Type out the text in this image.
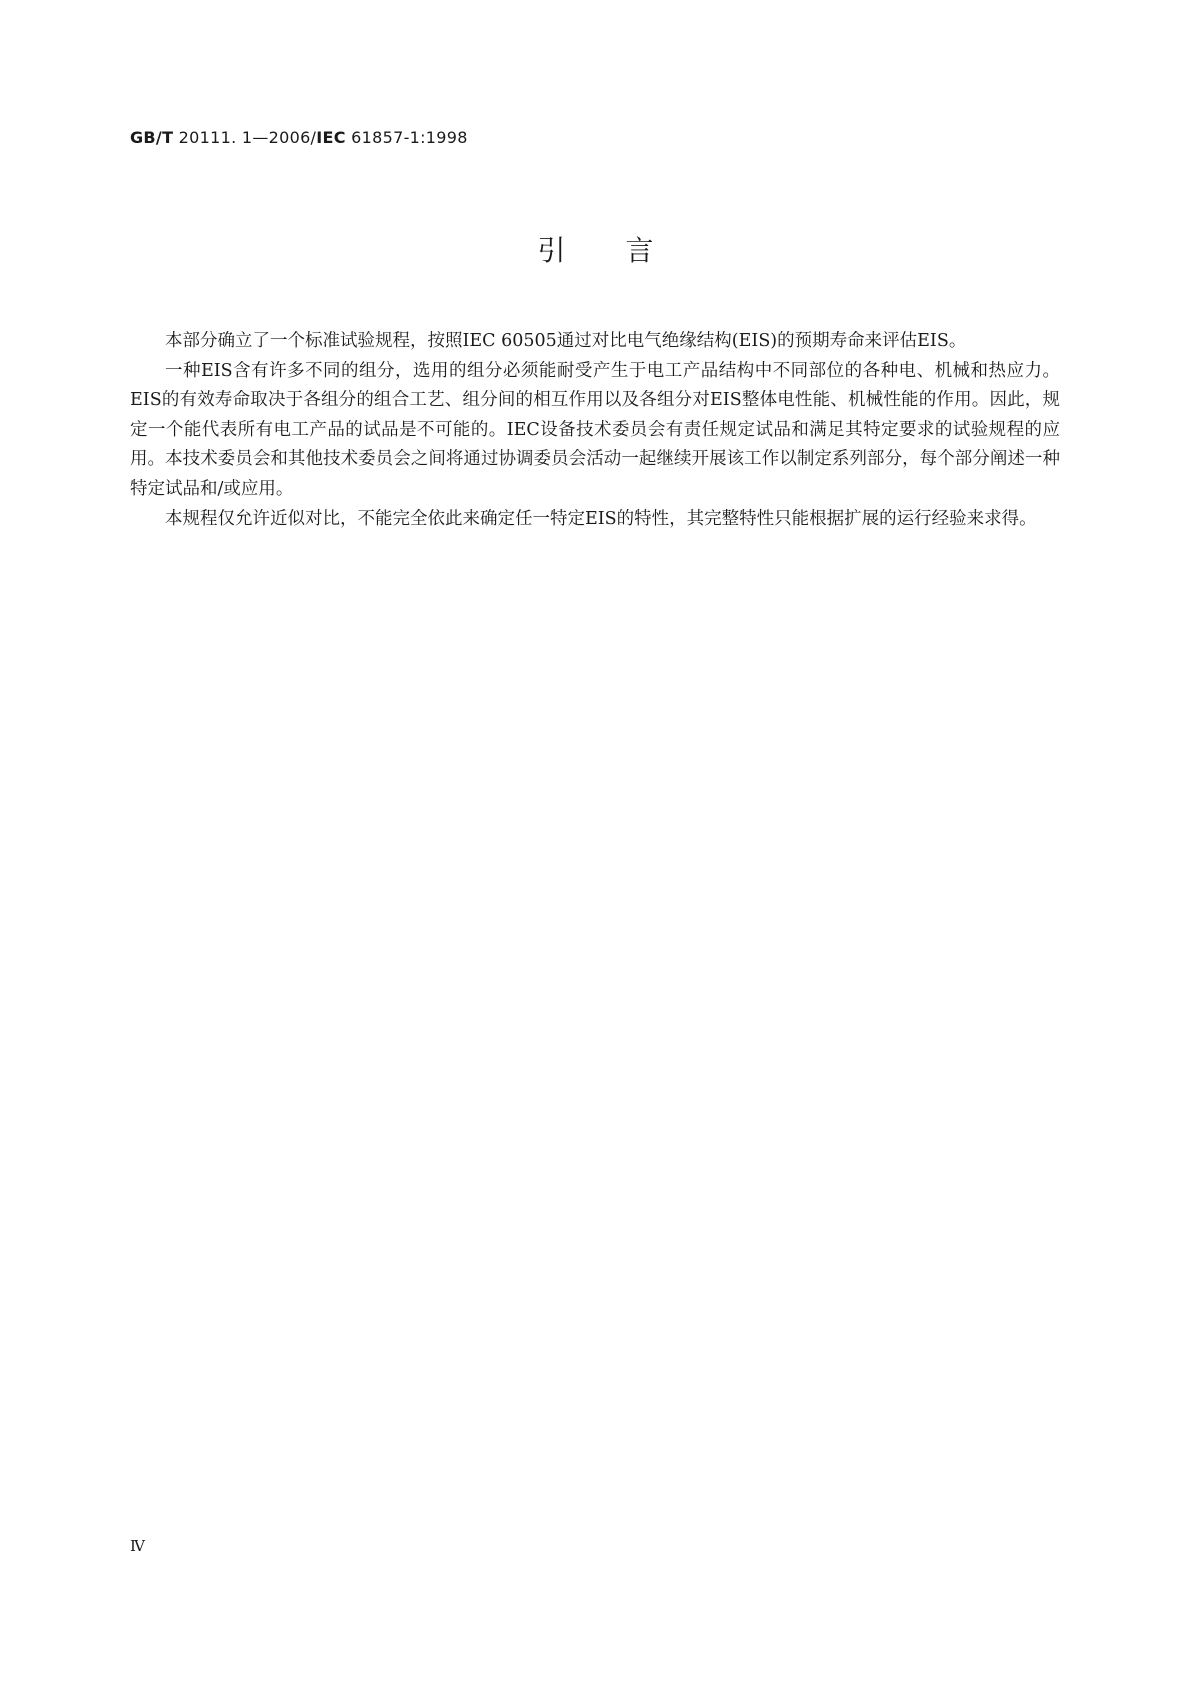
GB/T 20111. 1—2006/IEC 61857-1:1998
引言

本部分确立了一个标准试验规程，按照IEC 60505通过对比电气绝缘结构(EIS)的预期寿命来评估EIS。

一种EIS含有许多不同的组分，选用的组分必须能耐受产生于电工产品结构中不同部位的各种电、机械和热应力。EIS的有效寿命取决于各组分的组合工艺、组分间的相互作用以及各组分对EIS整体电性能、机械性能的作用。因此，规定一个能代表所有电工产品的试品是不可能的。IEC设备技术委员会有责任规定试品和满足其特定要求的试验规程的应用。本技术委员会和其他技术委员会之间将通过协调委员会活动一起继续开展该工作以制定系列部分，每个部分阐述一种特定试品和/或应用。

本规程仅允许近似对比，不能完全依此来确定任一特定EIS的特性，其完整特性只能根据扩展的运行经验来求得。

Ⅳ
